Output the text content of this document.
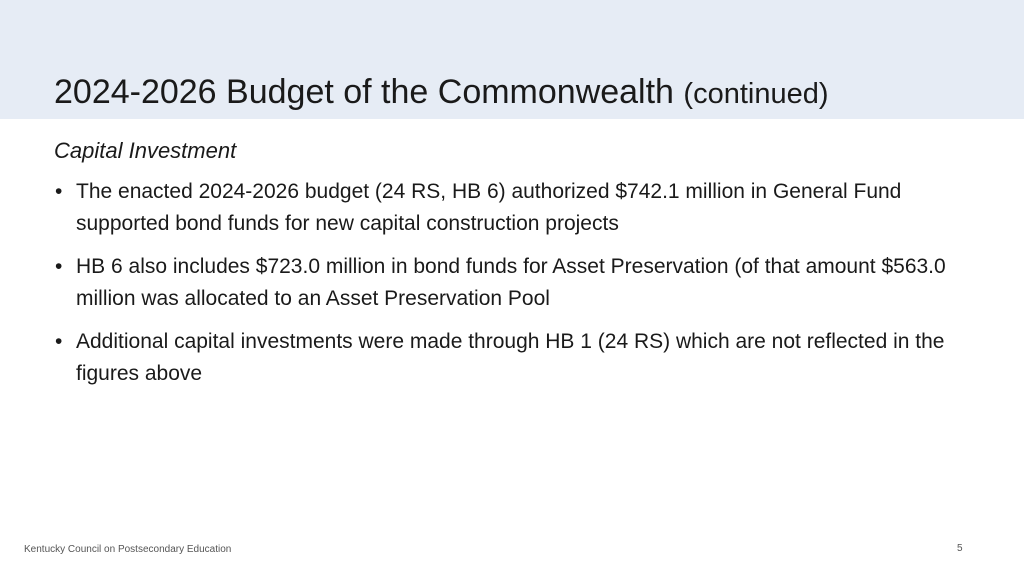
2024-2026 Budget of the Commonwealth (continued)
Capital Investment
• The enacted 2024-2026 budget (24 RS, HB 6) authorized $742.1 million in General Fund supported bond funds for new capital construction projects
• HB 6 also includes $723.0 million in bond funds for Asset Preservation (of that amount $563.0 million was allocated to an Asset Preservation Pool
• Additional capital investments were made through HB 1 (24 RS) which are not reflected in the figures above
Kentucky Council on Postsecondary Education	5
